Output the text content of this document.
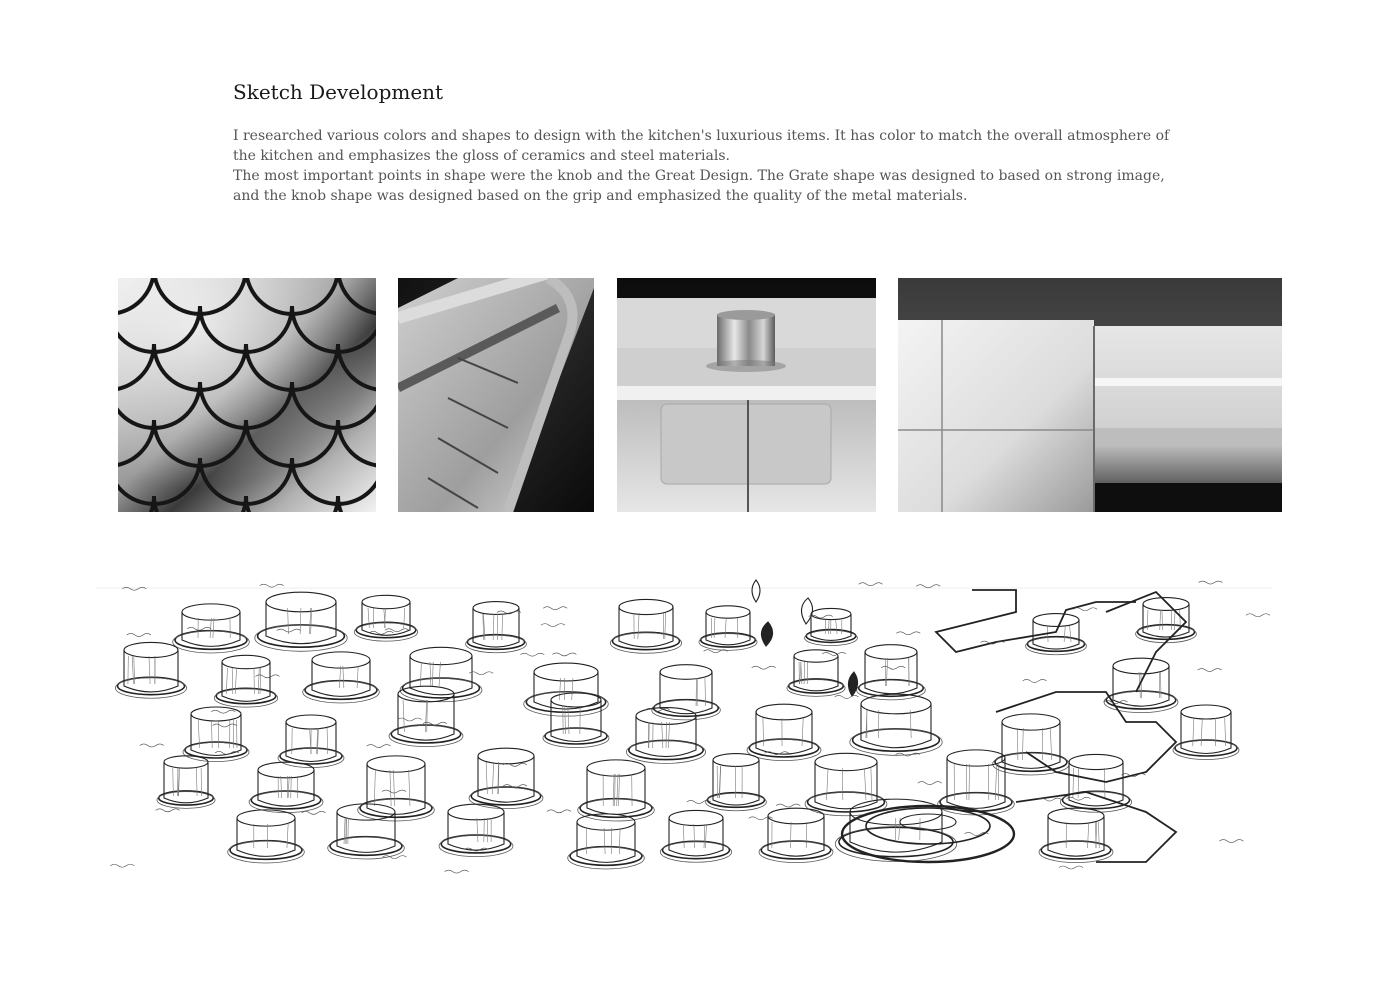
Sketch Development

I researched various colors and shapes to design with the kitchen's luxurious items. It has color to match the overall atmosphere of the kitchen and emphasizes the gloss of ceramics and steel materials.

The most important points in shape were the knob and the Great Design. The Grate shape was designed to based on strong image, and the knob shape was designed based on the grip and emphasized the quality of the metal materials.
